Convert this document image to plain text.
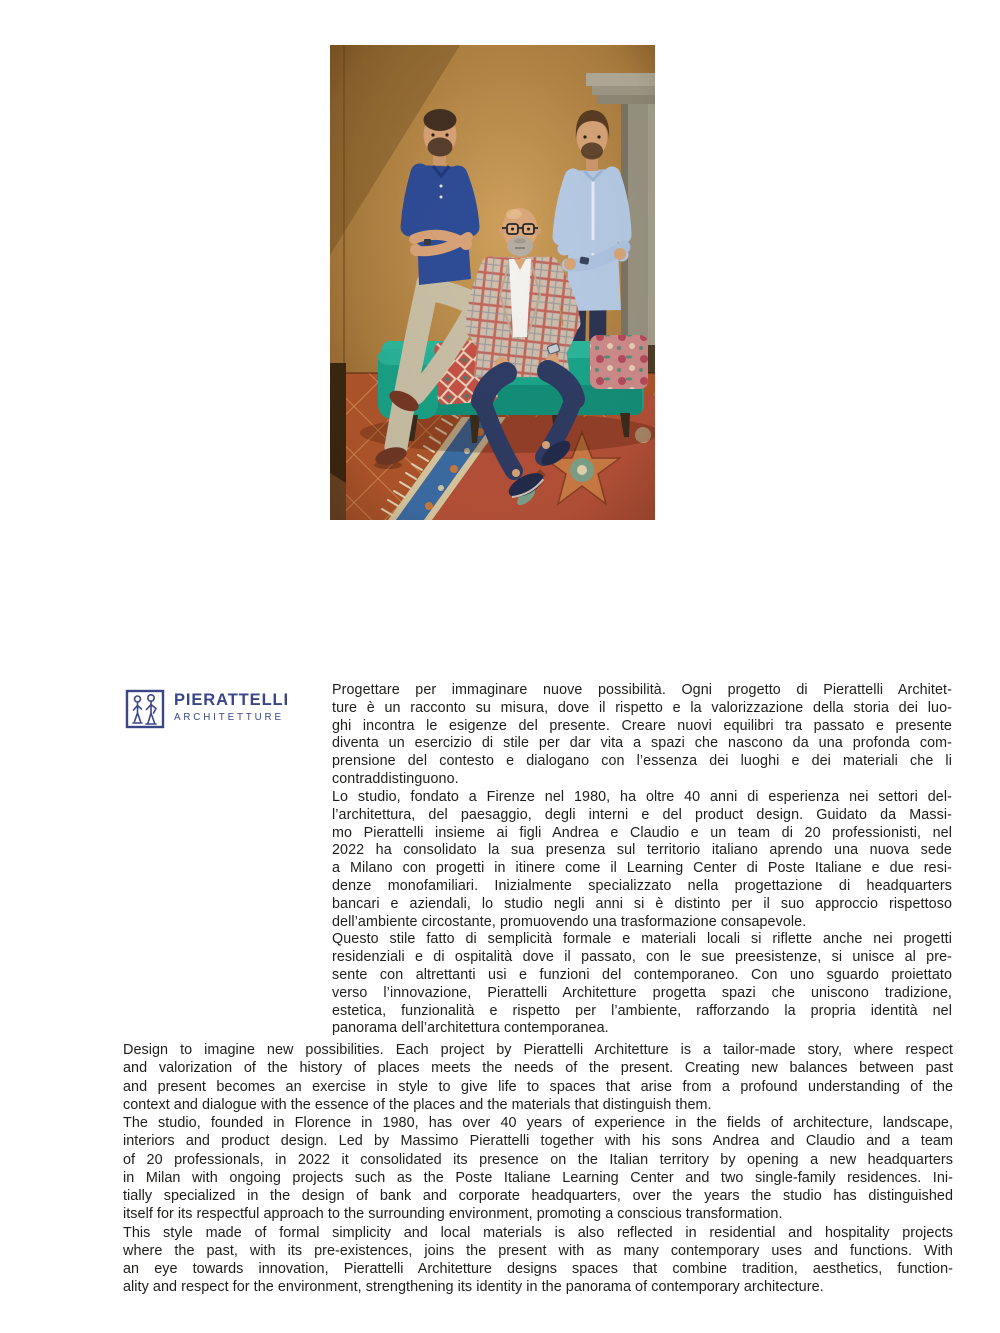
PIERATTELLI
ARCHITETTURE
Progettare per immaginare nuove possibilità. Ogni progetto di Pierattelli Architet-
ture è un racconto su misura, dove il rispetto e la valorizzazione della storia dei luo-
ghi incontra le esigenze del presente. Creare nuovi equilibri tra passato e presente
diventa un esercizio di stile per dar vita a spazi che nascono da una profonda com-
prensione del contesto e dialogano con l’essenza dei luoghi e dei materiali che li
contraddistinguono.
Lo studio, fondato a Firenze nel 1980, ha oltre 40 anni di esperienza nei settori del-
l’architettura, del paesaggio, degli interni e del product design. Guidato da Massi-
mo Pierattelli insieme ai figli Andrea e Claudio e un team di 20 professionisti, nel
2022 ha consolidato la sua presenza sul territorio italiano aprendo una nuova sede
a Milano con progetti in itinere come il Learning Center di Poste Italiane e due resi-
denze monofamiliari. Inizialmente specializzato nella progettazione di headquarters
bancari e aziendali, lo studio negli anni si è distinto per il suo approccio rispettoso
dell’ambiente circostante, promuovendo una trasformazione consapevole.
Questo stile fatto di semplicità formale e materiali locali si riflette anche nei progetti
residenziali e di ospitalità dove il passato, con le sue preesistenze, si unisce al pre-
sente con altrettanti usi e funzioni del contemporaneo. Con uno sguardo proiettato
verso l’innovazione, Pierattelli Architetture progetta spazi che uniscono tradizione,
estetica, funzionalità e rispetto per l’ambiente, rafforzando la propria identità nel
panorama dell’architettura contemporanea.
Design to imagine new possibilities. Each project by Pierattelli Architetture is a tailor-made story, where respect
and valorization of the history of places meets the needs of the present. Creating new balances between past
and present becomes an exercise in style to give life to spaces that arise from a profound understanding of the
context and dialogue with the essence of the places and the materials that distinguish them.
The studio, founded in Florence in 1980, has over 40 years of experience in the fields of architecture, landscape,
interiors and product design. Led by Massimo Pierattelli together with his sons Andrea and Claudio and a team
of 20 professionals, in 2022 it consolidated its presence on the Italian territory by opening a new headquarters
in Milan with ongoing projects such as the Poste Italiane Learning Center and two single-family residences. Ini-
tially specialized in the design of bank and corporate headquarters, over the years the studio has distinguished
itself for its respectful approach to the surrounding environment, promoting a conscious transformation.
This style made of formal simplicity and local materials is also reflected in residential and hospitality projects
where the past, with its pre-existences, joins the present with as many contemporary uses and functions. With
an eye towards innovation, Pierattelli Architetture designs spaces that combine tradition, aesthetics, function-
ality and respect for the environment, strengthening its identity in the panorama of contemporary architecture.
